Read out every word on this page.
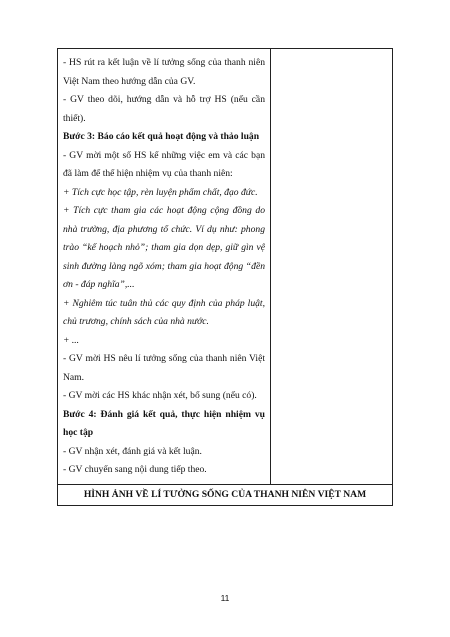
- HS rút ra kết luận về lí tưởng sống của thanh niên Việt Nam theo hướng dẫn của GV.

- GV theo dõi, hướng dẫn và hỗ trợ HS (nếu cần thiết).

Bước 3: Báo cáo kết quả hoạt động và thảo luận

- GV mời một số HS kể những việc em và các bạn đã làm để thể hiện nhiệm vụ của thanh niên:

+ Tích cực học tập, rèn luyện phẩm chất, đạo đức.

+ Tích cực tham gia các hoạt động cộng đồng do nhà trường, địa phương tổ chức. Ví dụ như: phong trào “kế hoạch nhỏ”; tham gia dọn dẹp, giữ gìn vệ sinh đường làng ngõ xóm; tham gia hoạt động “đền ơn - đáp nghĩa”,...

+ Nghiêm túc tuân thủ các quy định của pháp luật, chủ trương, chính sách của nhà nước.

+ ...

- GV mời HS nêu lí tưởng sống của thanh niên Việt Nam.

- GV mời các HS khác nhận xét, bổ sung (nếu có).

Bước 4: Đánh giá kết quả, thực hiện nhiệm vụ học tập

- GV nhận xét, đánh giá và kết luận.

- GV chuyển sang nội dung tiếp theo.

HÌNH ẢNH VỀ LÍ TƯỞNG SỐNG CỦA THANH NIÊN VIỆT NAM
11
